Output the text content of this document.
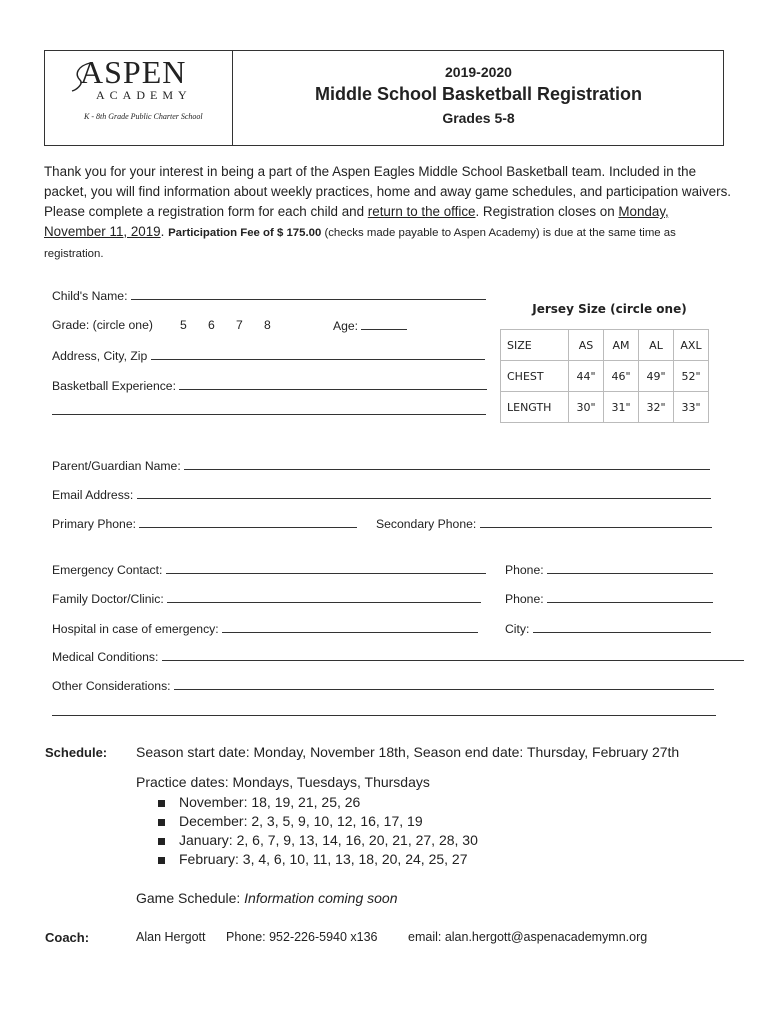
ASPEN
ACADEMY
K - 8th Grade Public Charter School
2019-2020
Middle School Basketball Registration
Grades 5-8
Thank you for your interest in being a part of the Aspen Eagles Middle School Basketball team. Included in the packet, you will find information about weekly practices, home and away game schedules, and participation waivers. Please complete a registration form for each child and return to the office. Registration closes on Monday, November 11, 2019. Participation Fee of $ 175.00 (checks made payable to Aspen Academy) is due at the same time as registration.
Child's Name:
Grade: (circle one) 5 6 7 8	Age:
Address, City, Zip
Basketball Experience:
Jersey Size (circle one)
SIZE	AS	AM	AL	AXL
CHEST	44"	46"	49"	52"
LENGTH	30"	31"	32"	33"
Parent/Guardian Name:
Email Address:
Primary Phone:	Secondary Phone:
Emergency Contact:	Phone:
Family Doctor/Clinic:	Phone:
Hospital in case of emergency:	City:
Medical Conditions:
Other Considerations:
Schedule: Season start date: Monday, November 18th, Season end date: Thursday, February 27th
Practice dates: Mondays, Tuesdays, Thursdays
November: 18, 19, 21, 25, 26
December: 2, 3, 5, 9, 10, 12, 16, 17, 19
January: 2, 6, 7, 9, 13, 14, 16, 20, 21, 27, 28, 30
February: 3, 4, 6, 10, 11, 13, 18, 20, 24, 25, 27
Game Schedule: Information coming soon
Coach:	Alan Hergott Phone: 952-226-5940 x136 email: alan.hergott@aspenacademymn.org
